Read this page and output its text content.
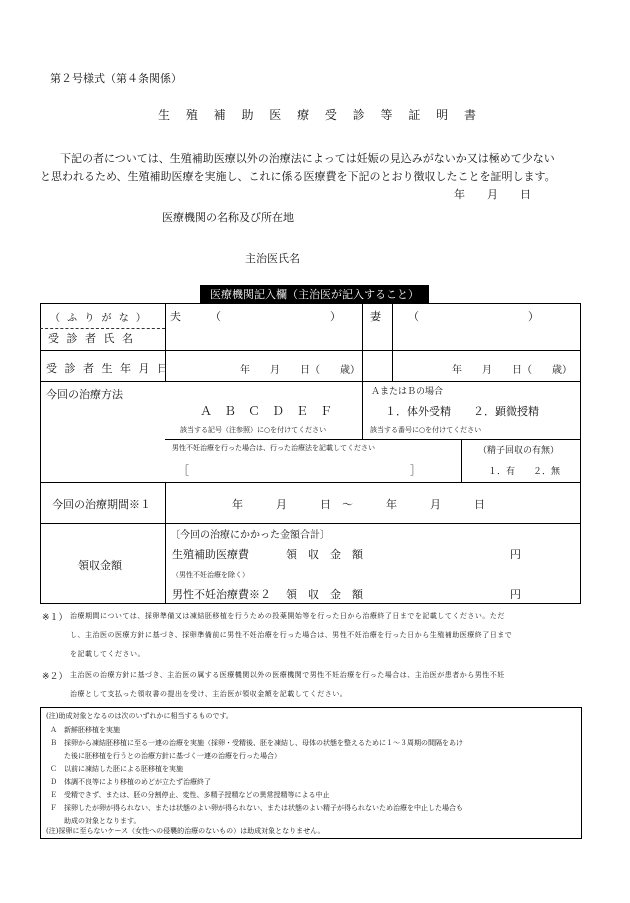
第２号様式（第４条関係）
生 殖 補 助 医 療 受 診 等 証 明 書
下記の者については、生殖補助医療以外の治療法によっては妊娠の見込みがないか又は極めて少ない
と思われるため、生殖補助医療を実施し、これに係る医療費を下記のとおり徴収したことを証明します。
年　　月　　日
医療機関の名称及び所在地
主治医氏名
医療機関記入欄（主治医が記入すること）
（ ふ り が な ）
受 診 者 氏 名
夫	（	）	妻 （	）
受 診 者 生 年 月 日	年　　月　　日（　　歳）	年　　月　　日（　　歳）
今回の治療方法
Ａ　Ｂ　Ｃ　Ｄ　Ｅ　Ｆ
該当する記号（注参照）に○を付けてください
ＡまたはＢの場合
１．体外受精　　２．顕微授精
該当する番号に○を付けてください
男性不妊治療を行った場合は、行った治療法を記載してください
［	］
（精子回収の有無）
１．有　　２．無
今回の治療期間※１	年　　　月　　　日　〜　　　年　　　月　　　日
領収金額
〔今回の治療にかかった金額合計〕
生殖補助医療費	領　収　金　額	円
（男性不妊治療を除く）
男性不妊治療費※２ 領　収　金　額	円
※１） 治療期間については、採卵準備又は凍結胚移植を行うための投薬開始等を行った日から治療終了日までを記載してください。ただ
し、主治医の医療方針に基づき、採卵準備前に男性不妊治療を行った場合は、男性不妊治療を行った日から生殖補助医療終了日まで
を記載してください。
※２） 主治医の治療方針に基づき、主治医の属する医療機関以外の医療機関で男性不妊治療を行った場合は、主治医が患者から男性不妊
治療として支払った領収書の提出を受け、主治医が領収金額を記載してください。
(注)助成対象となるのは次のいずれかに相当するものです。
Ａ　新鮮胚移植を実施
Ｂ　採卵から凍結胚移植に至る一連の治療を実施（採卵・受精後、胚を凍結し、母体の状態を整えるために１〜３周期の間隔をあけ
た後に胚移植を行うとの治療方針に基づく一連の治療を行った場合）
Ｃ　以前に凍結した胚による胚移植を実施
Ｄ　体調不良等により移植のめどが立たず治療終了
Ｅ　受精できず、または、胚の分割停止、変性、多精子授精などの異常授精等による中止
Ｆ　採卵したが卵が得られない、または状態のよい卵が得られない、または状態のよい精子が得られないため治療を中止した場合も
助成の対象となります。
(注)採卵に至らないケース（女性への侵襲的治療のないもの）は助成対象となりません。
